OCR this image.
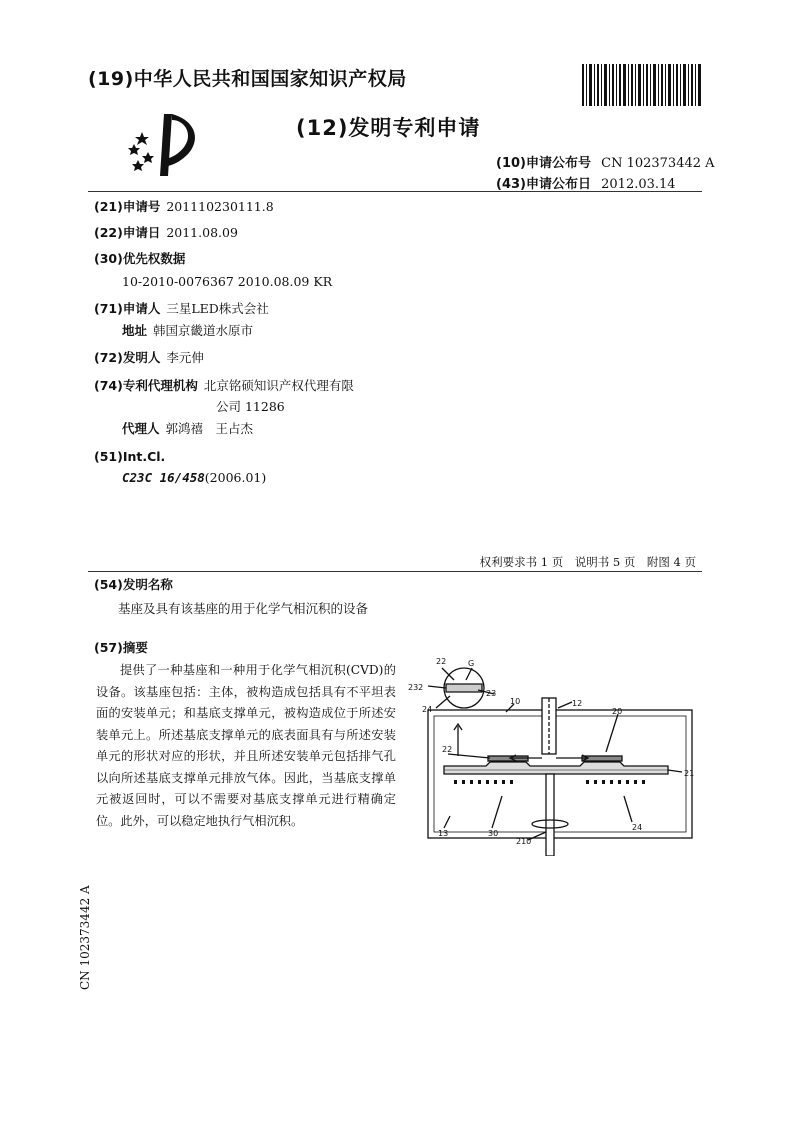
(19)中华人民共和国国家知识产权局
(12)发明专利申请
(10)申请公布号 CN 102373442 A
(43)申请公布日 2012.03.14
(21)申请号 201110230111.8
(22)申请日 2011.08.09
(30)优先权数据
10-2010-0076367 2010.08.09 KR
(71)申请人 三星LED株式会社
地址 韩国京畿道水原市
(72)发明人 李元伸
(74)专利代理机构 北京铭硕知识产权代理有限
公司 11286
代理人 郭鸿禧　王占杰
(51)Int.Cl.
C23C 16/458(2006.01)
权利要求书 1 页　说明书 5 页　附图 4 页
(54)发明名称
基座及具有该基座的用于化学气相沉积的设备
(57)摘要
提供了一种基座和一种用于化学气相沉积(CVD)的设备。该基座包括：主体，被构造成包括具有不平坦表面的安装单元；和基底支撑单元，被构造成位于所述安装单元上。所述基底支撑单元的底表面具有与所述安装单元的形状对应的形状，并且所述安装单元包括排气孔以向所述基底支撑单元排放气体。因此，当基底支撑单元被返回时，可以不需要对基底支撑单元进行精确定位。此外，可以稳定地执行气相沉积。
CN 102373442 A
22	G
232
23
24
10	12
20
22
21
13	30
210
24
